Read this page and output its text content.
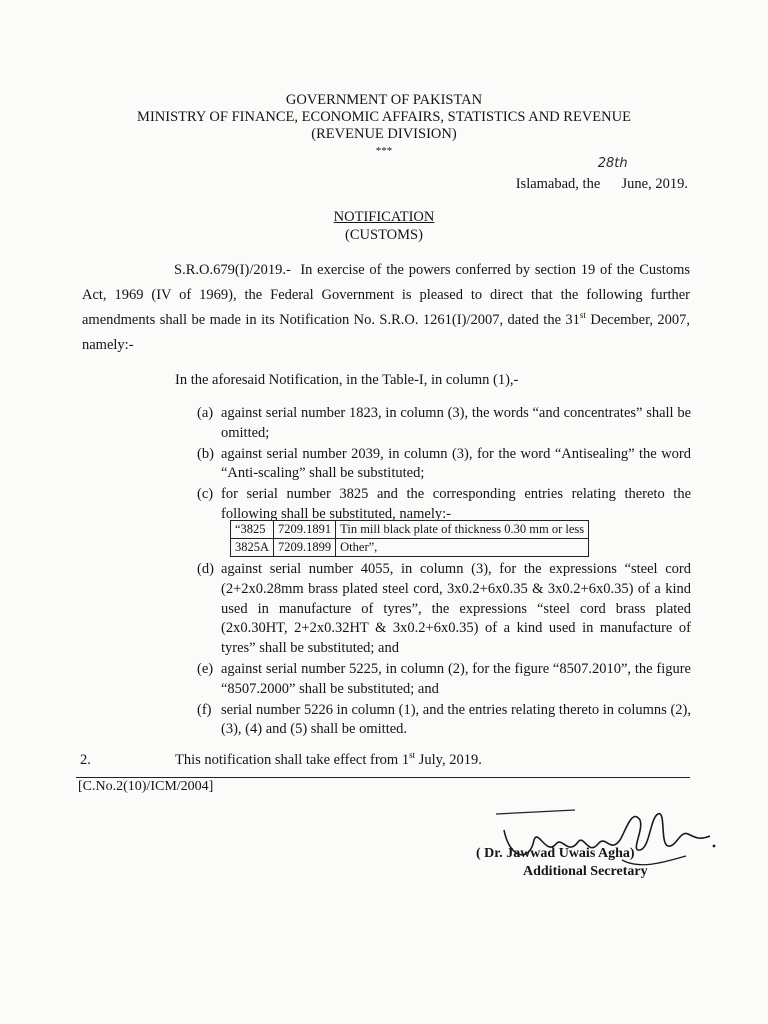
GOVERNMENT OF PAKISTAN
MINISTRY OF FINANCE, ECONOMIC AFFAIRS, STATISTICS AND REVENUE
(REVENUE DIVISION)
***
Islamabad, the
28th
June, 2019.
NOTIFICATION
(CUSTOMS)
S.R.O.679(I)/2019.- In exercise of the powers conferred by section 19 of the Customs Act, 1969 (IV of 1969), the Federal Government is pleased to direct that the following further amendments shall be made in its Notification No. S.R.O. 1261(I)/2007, dated the 31st December, 2007, namely:-
In the aforesaid Notification, in the Table-I, in column (1),-
(a) against serial number 1823, in column (3), the words “and concentrates” shall be omitted;
(b) against serial number 2039, in column (3), for the word “Antisealing” the word “Anti-scaling” shall be substituted;
(c) for serial number 3825 and the corresponding entries relating thereto the following shall be substituted, namely:-
“3825	7209.1891	Tin mill black plate of thickness 0.30 mm or less
3825A	7209.1899	Other”,
(d) against serial number 4055, in column (3), for the expressions “steel cord (2+2x0.28mm brass plated steel cord, 3x0.2+6x0.35 & 3x0.2+6x0.35) of a kind used in manufacture of tyres”, the expressions “steel cord brass plated (2x0.30HT, 2+2x0.32HT & 3x0.2+6x0.35) of a kind used in manufacture of tyres” shall be substituted; and
(e) against serial number 5225, in column (2), for the figure “8507.2010”, the figure “8507.2000” shall be substituted; and
(f) serial number 5226 in column (1), and the entries relating thereto in columns (2), (3), (4) and (5) shall be omitted.
2.	This notification shall take effect from 1st July, 2019.
[C.No.2(10)/ICM/2004]
( Dr. Jawwad Uwais Agha)
Additional Secretary
